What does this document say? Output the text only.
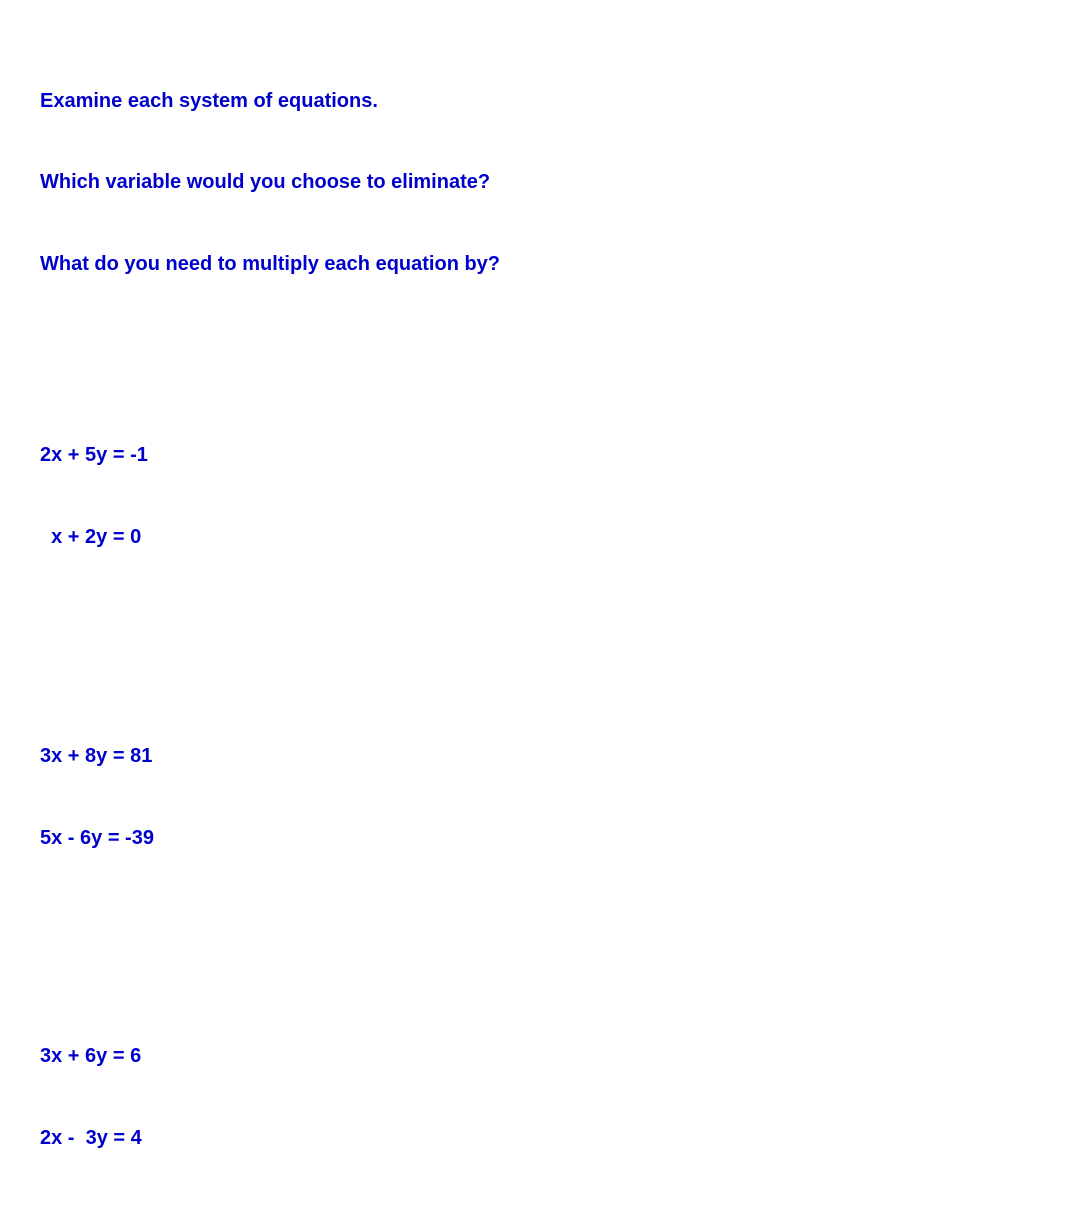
Examine each system of equations.

Which variable would you choose to eliminate?

What do you need to multiply each equation by?

2x + 5y = -1

x + 2y = 0

3x + 8y = 81

5x - 6y = -39

3x + 6y = 6

2x -  3y = 4
